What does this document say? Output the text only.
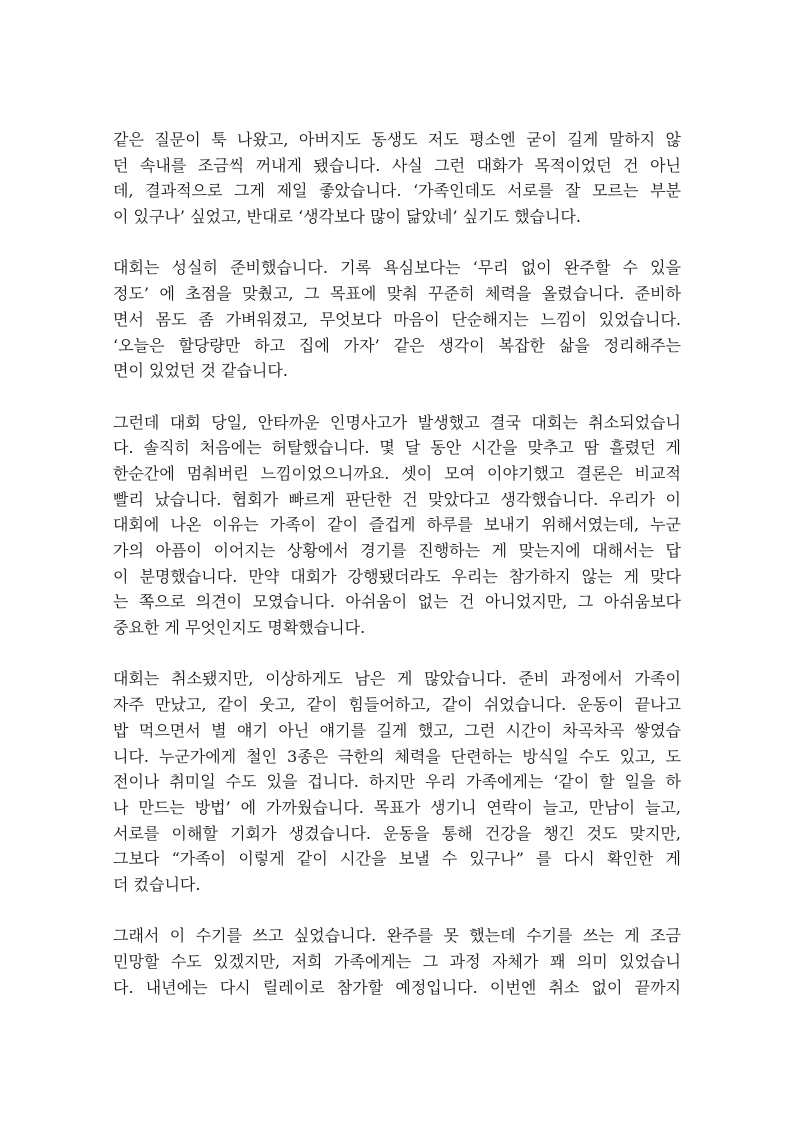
같은 질문이 툭 나왔고, 아버지도 동생도 저도 평소엔 굳이 길게 말하지 않
던 속내를 조금씩 꺼내게 됐습니다. 사실 그런 대화가 목적이었던 건 아닌
데, 결과적으로 그게 제일 좋았습니다. ‘가족인데도 서로를 잘 모르는 부분
이 있구나’ 싶었고, 반대로 ‘생각보다 많이 닮았네’ 싶기도 했습니다.
대회는 성실히 준비했습니다. 기록 욕심보다는 ‘무리 없이 완주할 수 있을
정도’ 에 초점을 맞췄고, 그 목표에 맞춰 꾸준히 체력을 올렸습니다. 준비하
면서 몸도 좀 가벼워졌고, 무엇보다 마음이 단순해지는 느낌이 있었습니다.
‘오늘은 할당량만 하고 집에 가자’ 같은 생각이 복잡한 삶을 정리해주는
면이 있었던 것 같습니다.
그런데 대회 당일, 안타까운 인명사고가 발생했고 결국 대회는 취소되었습니
다. 솔직히 처음에는 허탈했습니다. 몇 달 동안 시간을 맞추고 땀 흘렸던 게
한순간에 멈춰버린 느낌이었으니까요. 셋이 모여 이야기했고 결론은 비교적
빨리 났습니다. 협회가 빠르게 판단한 건 맞았다고 생각했습니다. 우리가 이
대회에 나온 이유는 가족이 같이 즐겁게 하루를 보내기 위해서였는데, 누군
가의 아픔이 이어지는 상황에서 경기를 진행하는 게 맞는지에 대해서는 답
이 분명했습니다. 만약 대회가 강행됐더라도 우리는 참가하지 않는 게 맞다
는 쪽으로 의견이 모였습니다. 아쉬움이 없는 건 아니었지만, 그 아쉬움보다
중요한 게 무엇인지도 명확했습니다.
대회는 취소됐지만, 이상하게도 남은 게 많았습니다. 준비 과정에서 가족이
자주 만났고, 같이 웃고, 같이 힘들어하고, 같이 쉬었습니다. 운동이 끝나고
밥 먹으면서 별 얘기 아닌 얘기를 길게 했고, 그런 시간이 차곡차곡 쌓였습
니다. 누군가에게 철인 3종은 극한의 체력을 단련하는 방식일 수도 있고, 도
전이나 취미일 수도 있을 겁니다. 하지만 우리 가족에게는 ‘같이 할 일을 하
나 만드는 방법’ 에 가까웠습니다. 목표가 생기니 연락이 늘고, 만남이 늘고,
서로를 이해할 기회가 생겼습니다. 운동을 통해 건강을 챙긴 것도 맞지만,
그보다 “가족이 이렇게 같이 시간을 보낼 수 있구나” 를 다시 확인한 게
더 컸습니다.
그래서 이 수기를 쓰고 싶었습니다. 완주를 못 했는데 수기를 쓰는 게 조금
민망할 수도 있겠지만, 저희 가족에게는 그 과정 자체가 꽤 의미 있었습니
다. 내년에는 다시 릴레이로 참가할 예정입니다. 이번엔 취소 없이 끝까지
